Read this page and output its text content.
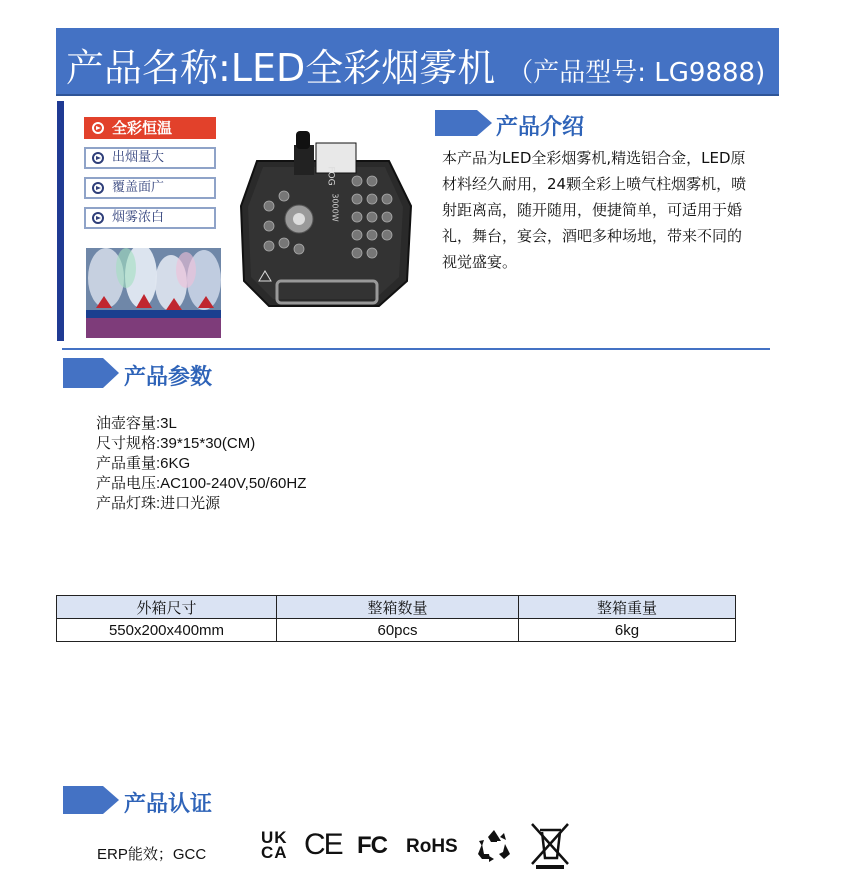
产品名称:LED全彩烟雾机 （产品型号: LG9888)
全彩恒温
出烟量大
覆盖面广
烟雾浓白
FOG
3000W
产品介绍
本产品为LED全彩烟雾机,精选铝合金，LED原材料经久耐用，24颗全彩上喷气柱烟雾机，喷射距离高，随开随用，便捷简单，可适用于婚礼，舞台，宴会，酒吧多种场地，带来不同的视觉盛宴。
产品参数
油壶容量:3L
尺寸规格:39*15*30(CM)
产品重量:6KG
产品电压:AC100-240V,50/60HZ
产品灯珠:进口光源
外箱尺寸	整箱数量	整箱重量
550x200x400mm	60pcs	6kg
产品认证
ERP能效；GCC
UK
CA CE FC RoHS
